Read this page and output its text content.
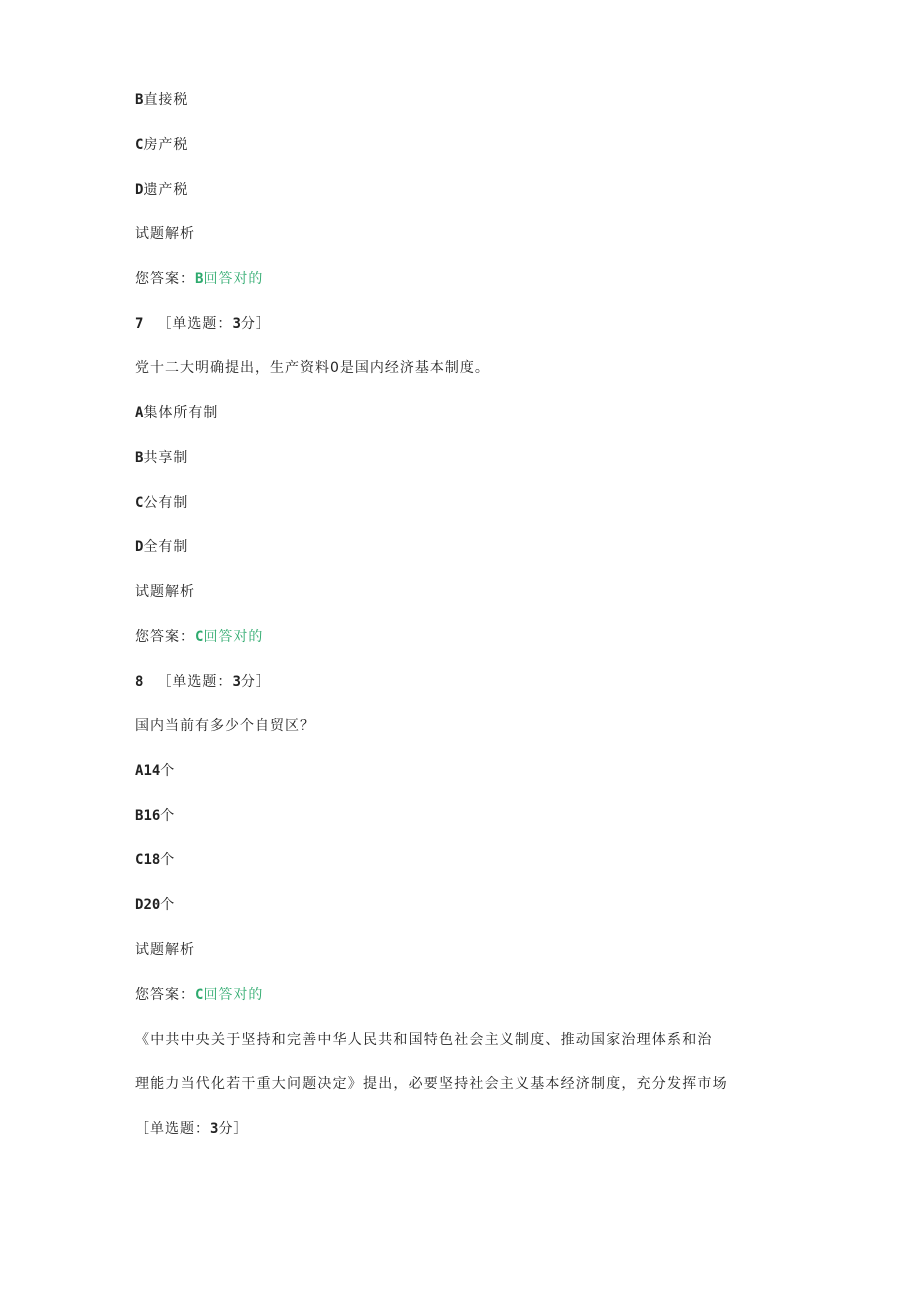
B直接税
C房产税
D遗产税
试题解析
您答案：B回答对的
7 ［单选题：3分］
党十二大明确提出，生产资料0是国内经济基本制度。
A集体所有制
B共享制
C公有制
D全有制
试题解析
您答案：C回答对的
8 ［单选题：3分］
国内当前有多少个自贸区？
A14个
B16个
C18个
D20个
试题解析
您答案：C回答对的
《中共中央关于坚持和完善中华人民共和国特色社会主义制度、推动国家治理体系和治
理能力当代化若干重大问题决定》提出，必要坚持社会主义基本经济制度，充分发挥市场
［单选题：3分］
